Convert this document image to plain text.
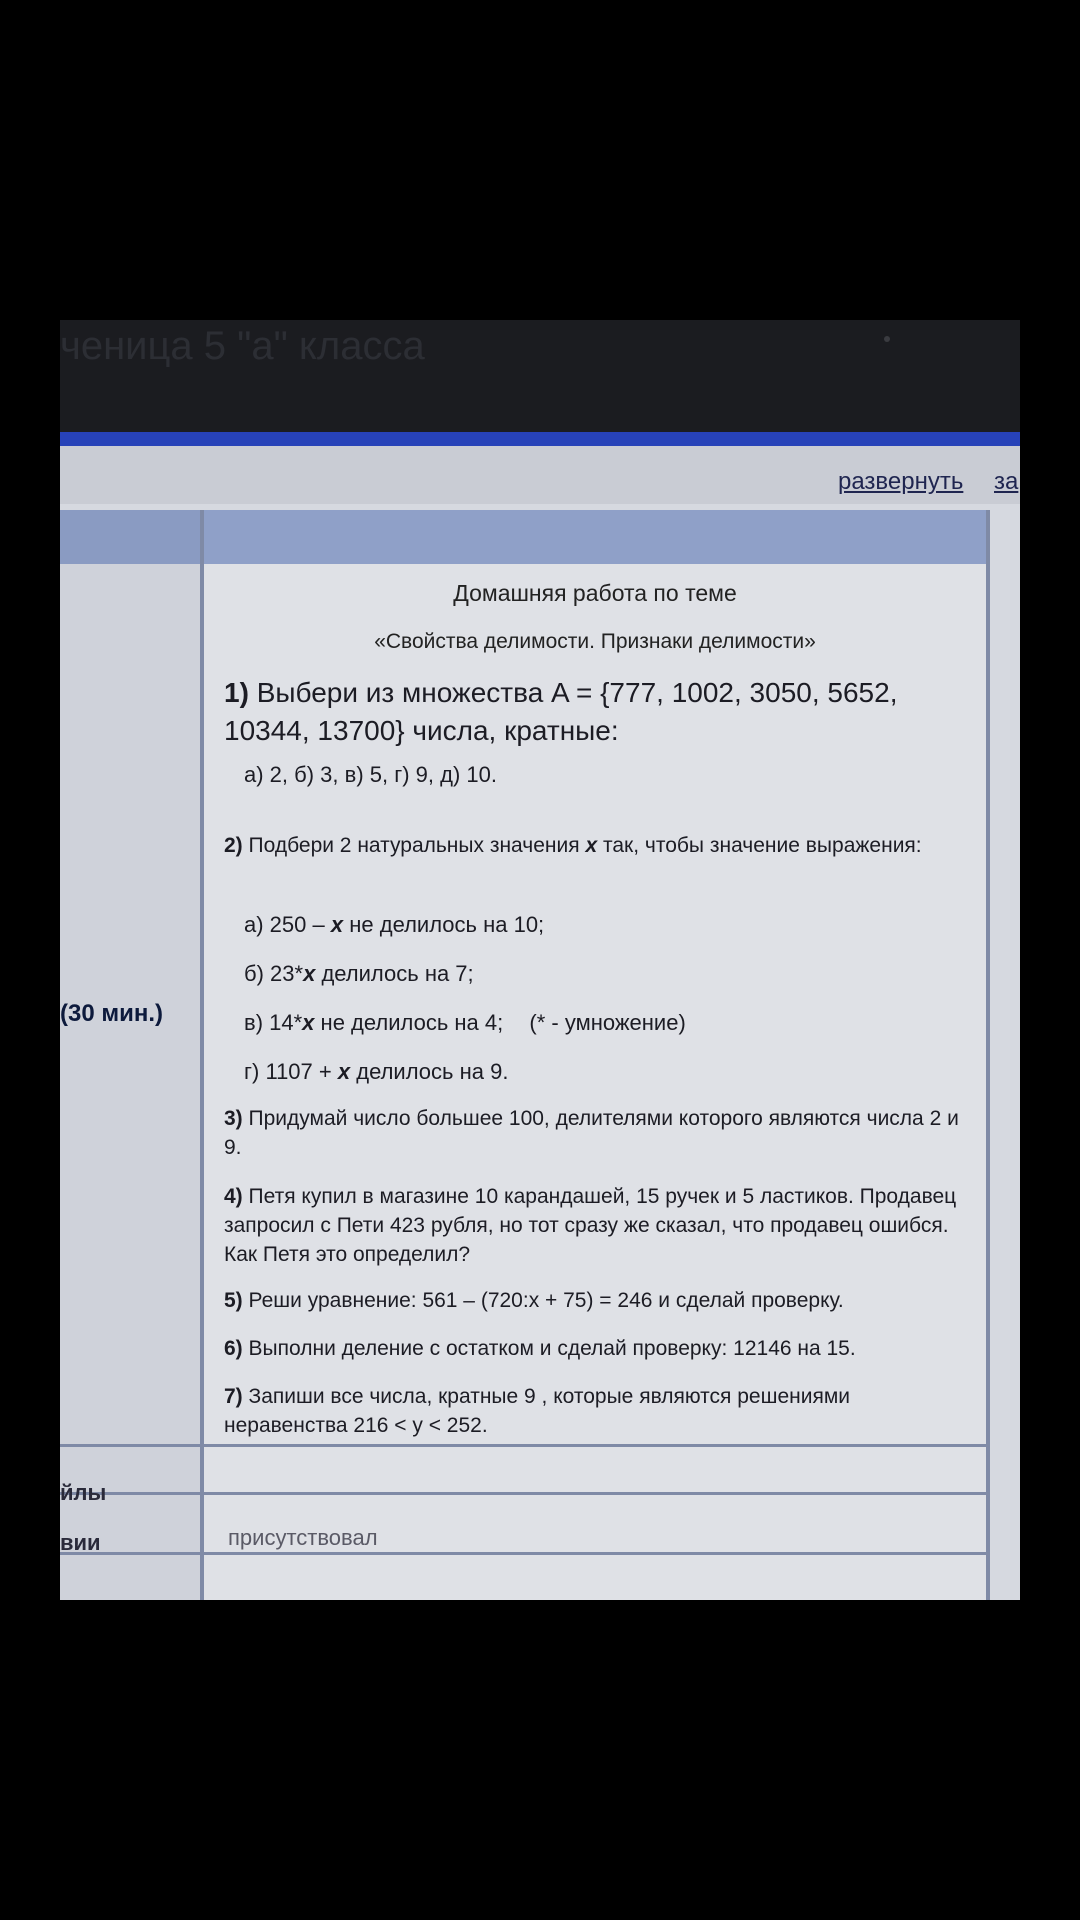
ченица 5 "а" класса
развернуть за
(30 мин.)
Домашняя работа по теме
«Свойства делимости. Признаки делимости»
1) Выбери из множества A = {777, 1002, 3050, 5652, 10344, 13700} числа, кратные:
а) 2, б) 3, в) 5, г) 9, д) 10.
2) Подбери 2 натуральных значения x так, чтобы значение выражения:
а) 250 – x не делилось на 10;
б) 23*x делилось на 7;
в) 14*x не делилось на 4; (* - умножение)
г) 1107 + x делилось на 9.
3) Придумай число большее 100, делителями которого являются числа 2 и 9.
4) Петя купил в магазине 10 карандашей, 15 ручек и 5 ластиков. Продавец запросил с Пети 423 рубля, но тот сразу же сказал, что продавец ошибся. Как Петя это определил?
5) Реши уравнение: 561 – (720:x + 75) = 246 и сделай проверку.
6) Выполни деление с остатком и сделай проверку: 12146 на 15.
7) Запиши все числа, кратные 9 , которые являются решениями неравенства 216 < y < 252.
йлы
вии	присутствовал
